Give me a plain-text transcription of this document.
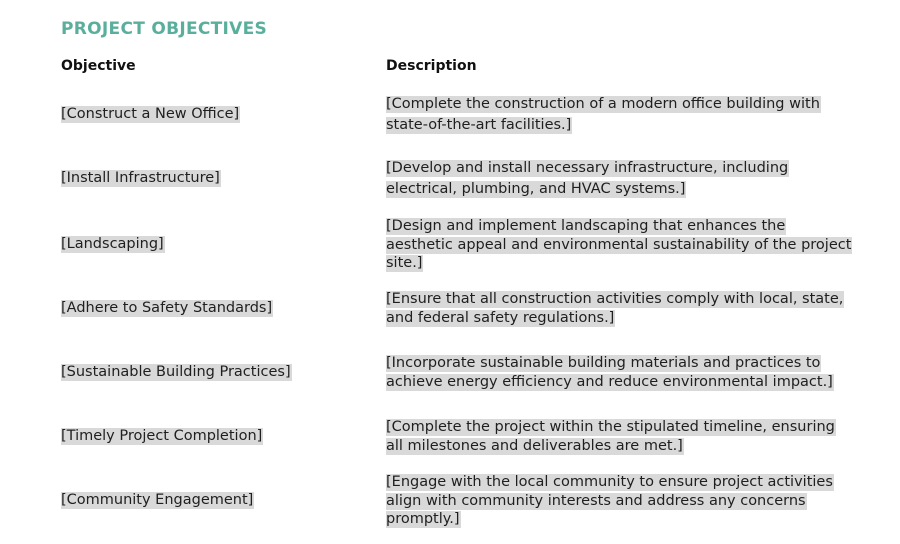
PROJECT OBJECTIVES
Objective	Description
[Construct a New Office]
[Complete the construction of a modern office building with state-of-the-art facilities.]
[Install Infrastructure]
[Develop and install necessary infrastructure, including electrical, plumbing, and HVAC systems.]
[Landscaping]
[Design and implement landscaping that enhances the aesthetic appeal and environmental sustainability of the project site.]
[Adhere to Safety Standards]
[Ensure that all construction activities comply with local, state, and federal safety regulations.]
[Sustainable Building Practices]
[Incorporate sustainable building materials and practices to achieve energy efficiency and reduce environmental impact.]
[Timely Project Completion]
[Complete the project within the stipulated timeline, ensuring all milestones and deliverables are met.]
[Community Engagement]
[Engage with the local community to ensure project activities align with community interests and address any concerns promptly.]
